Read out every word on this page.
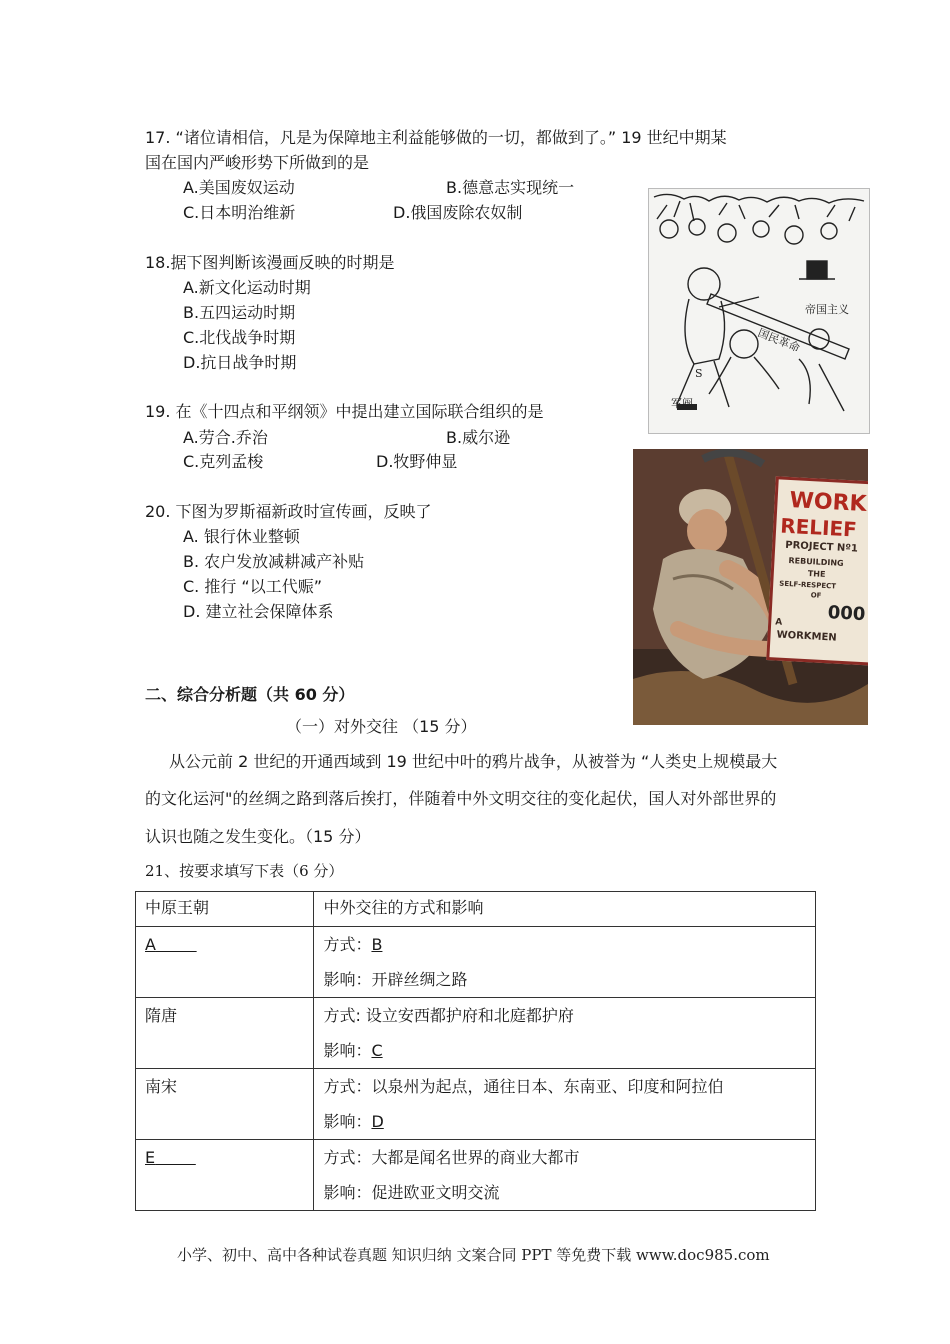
17. “诸位请相信，凡是为保障地主利益能够做的一切，都做到了。” 19 世纪中期某
国在国内严峻形势下所做到的是
A.美国废奴运动	B.德意志实现统一
C.日本明治维新	D.俄国废除农奴制
18.据下图判断该漫画反映的时期是
A.新文化运动时期
B.五四运动时期
C.北伐战争时期
D.抗日战争时期
帝国主义
国民革命
S
军阀
19. 在《十四点和平纲领》中提出建立国际联合组织的是
A.劳合.乔治	B.威尔逊
C.克列孟梭	D.牧野伸显
20. 下图为罗斯福新政时宣传画，反映了
A. 银行休业整顿
B. 农户发放减耕减产补贴
C. 推行 “以工代赈”
D. 建立社会保障体系
WORK
RELIEF
PROJECT Nº1
REBUILDING
THE
SELF-RESPECT
OF
000
A
WORKMEN
二、综合分析题（共 60 分）
（一）对外交往 （15 分）
从公元前 2 世纪的开通西域到 19 世纪中叶的鸦片战争，从被誉为 “人类史上规模最大
的文化运河"的丝绸之路到落后挨打，伴随着中外文明交往的变化起伏，国人对外部世界的
认识也随之发生变化。（15 分）
21、按要求填写下表（6 分）
中原王朝	中外交往的方式和影响

A	方式：B
影响：开辟丝绸之路

隋唐	方式: 设立安西都护府和北庭都护府
影响：C

南宋	方式：以泉州为起点，通往日本、东南亚、印度和阿拉伯
影响：D

E	方式：大都是闻名世界的商业大都市
影响：促进欧亚文明交流
小学、初中、高中各种试卷真题 知识归纳 文案合同 PPT 等免费下载 www.doc985.com
